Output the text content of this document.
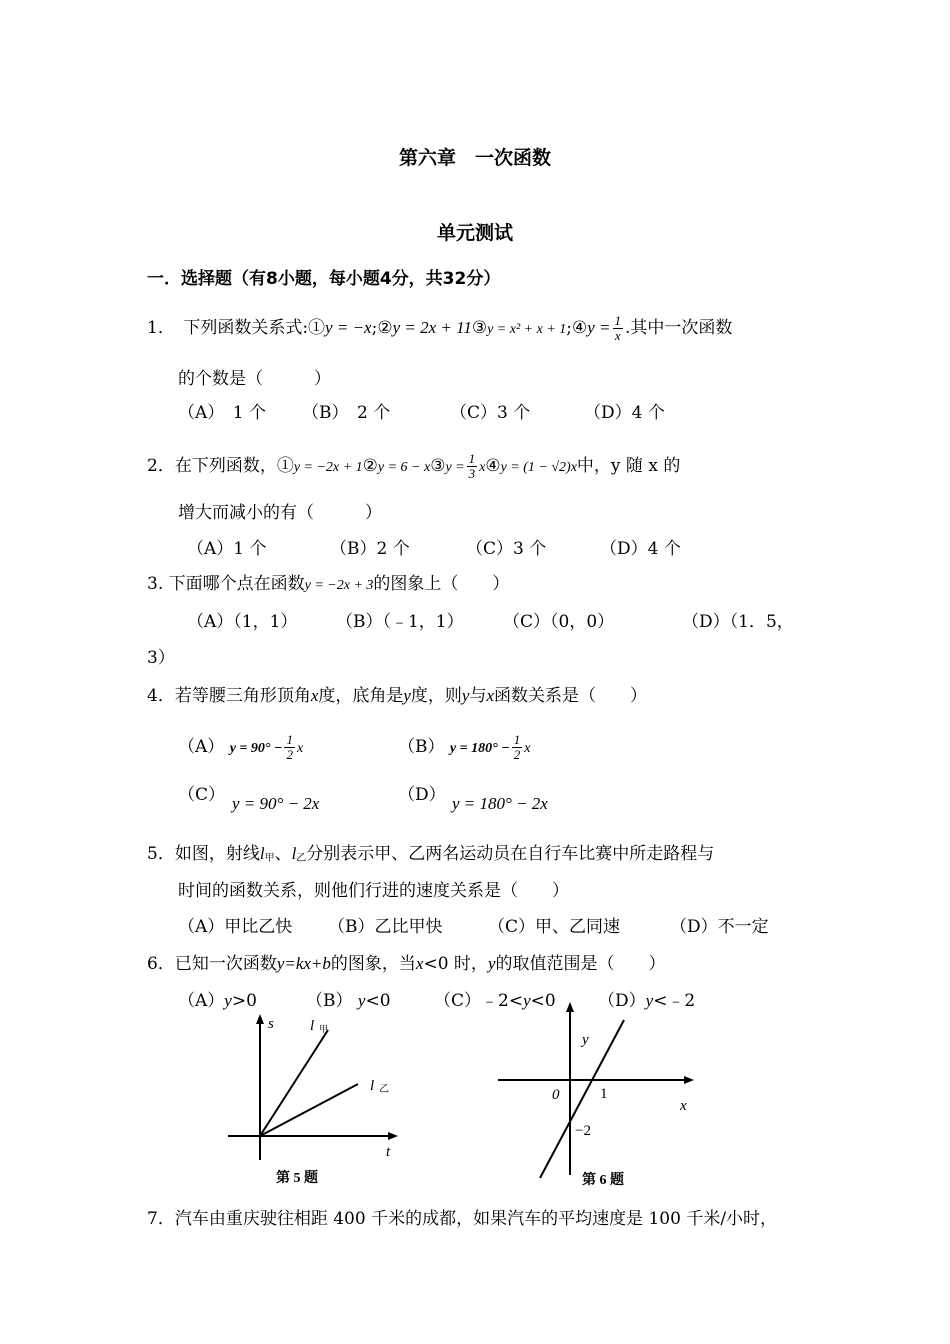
第六章　一次函数
单元测试
一．选择题（有8小题，每小题4分，共32分）
1．　下列函数关系式:①y = −x;②y = 2x + 11③y = x² + x + 1;④y = $\frac{1}{x}$ .其中一次函数
的个数是（　　　）
（A）　1 个 （B）　2 个	（C）3 个	（D）4 个
2．在下列函数，①y = −2x + 1②y = 6 − x③y = $\frac{1}{3}$ x④y = (1 − √2)x中，y 随 x 的
增大而减小的有（　　　）
（A）1 个	（B）2 个	（C）3 个	（D）4 个
3. 下面哪个点在函数y = −2x + 3的图象上（　　）
（A）（1，1） （B）（﹣1，1） （C）（0，0）	（D）（1．5，
3）
4．若等腰三角形顶角x度，底角是y度，则y与x函数关系是（　　）
（A） $y = 90^\circ - \frac{1}{2}$ x	（B） $y = 180^\circ - \frac{1}{2}$ x
（C） y = 90° − 2x	（D） y = 180° − 2x
5．如图，射线$l_甲$、$l_乙$分别表示甲、乙两名运动员在自行车比赛中所走路程与
时间的函数关系，则他们行进的速度关系是（　　）
（A）甲比乙快 （B）乙比甲快	（C）甲、乙同速	（D）不一定
6．已知一次函数y=kx+b的图象，当x<0 时，y的取值范围是（　　）
（A）y>0	（B） y<0	（C）﹣2<y<0 （D）y<﹣2
s
t
l 甲
l 乙
第 5 题
y
x
0	1
−2
第 6 题
7．汽车由重庆驶往相距 400 千米的成都，如果汽车的平均速度是 100 千米/小时，
